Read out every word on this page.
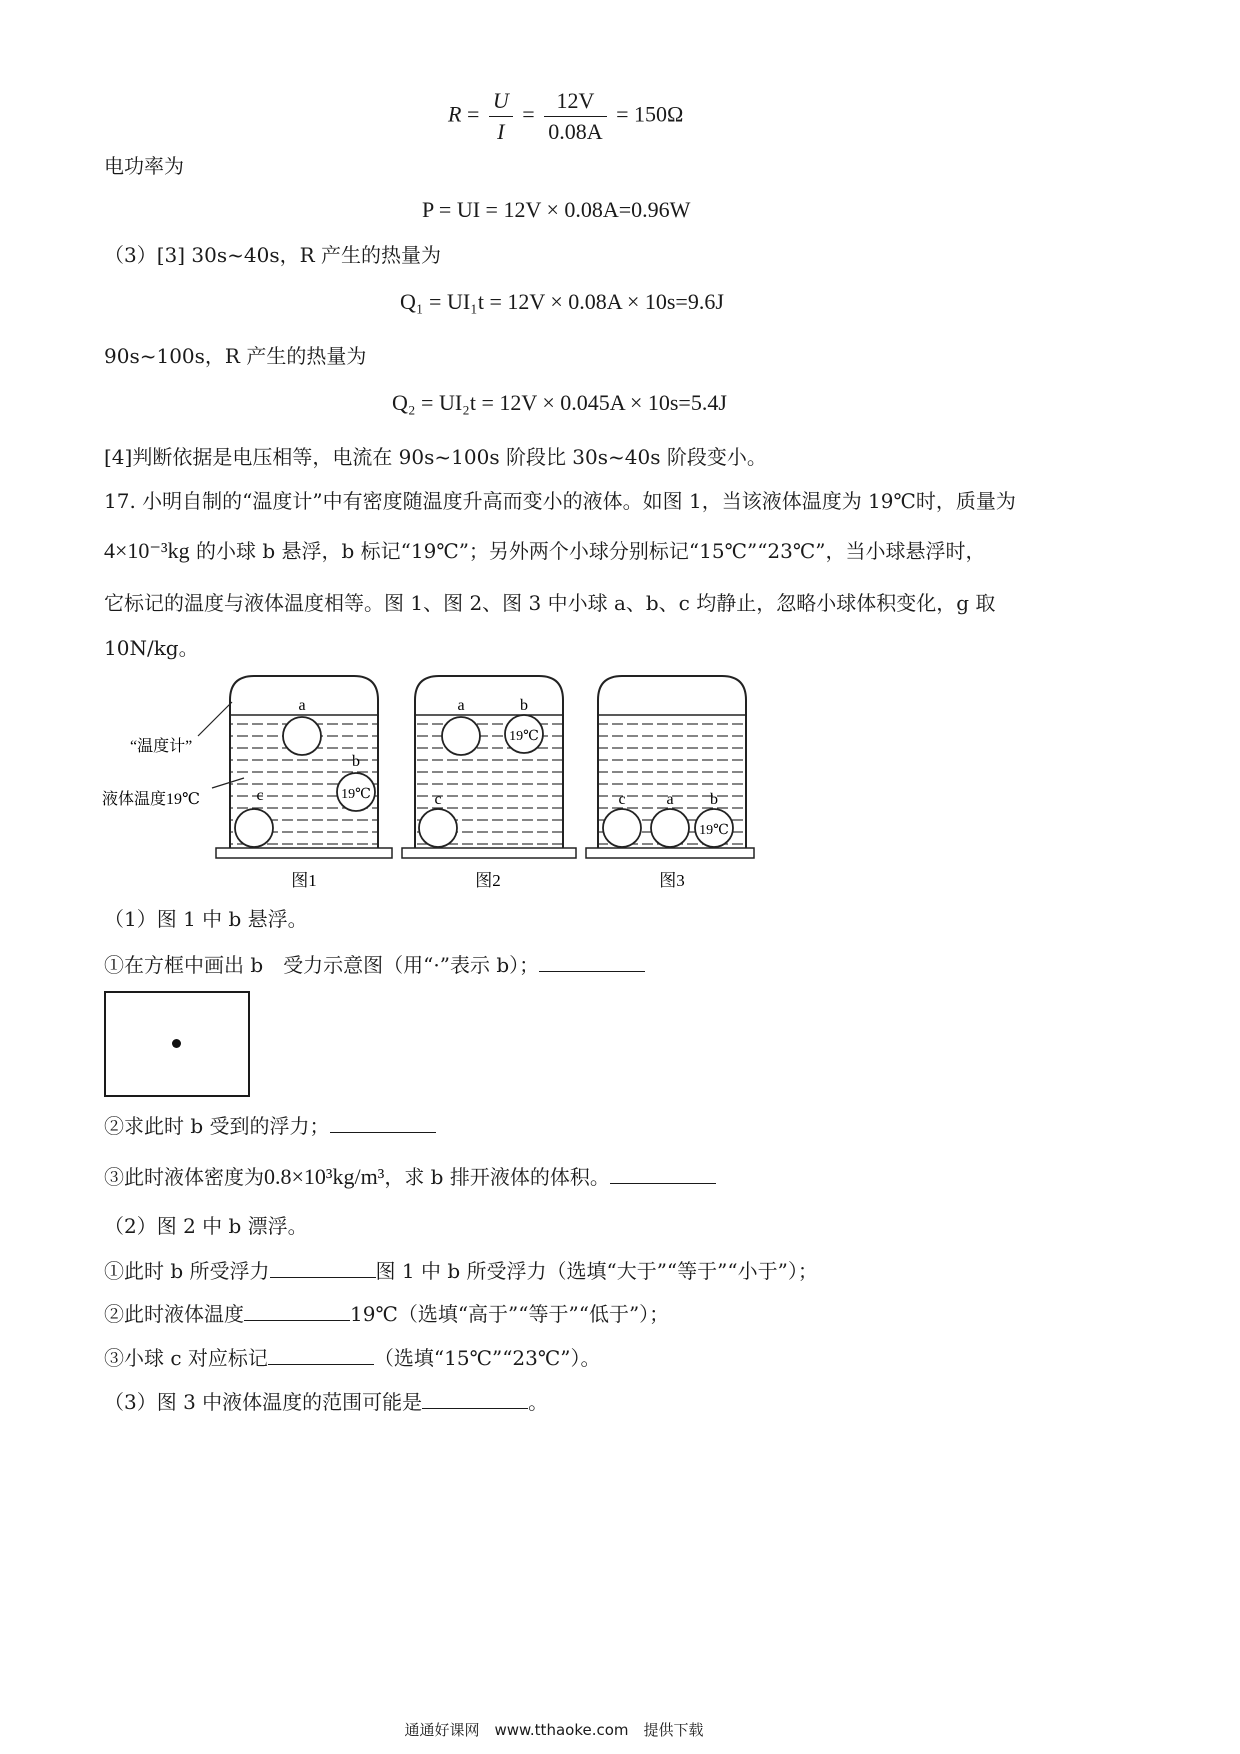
$R = \frac{U}{I} = \frac{12V}{0.08A} = 150\Omega$
电功率为
P = UI = 12V × 0.08A=0.96W
（3）[3] 30s~40s，R 产生的热量为
Q₁ = UI₁t = 12V × 0.08A × 10s=9.6J
90s~100s，R 产生的热量为
Q₂ = UI₂t = 12V × 0.045A × 10s=5.4J
[4]判断依据是电压相等，电流在 90s~100s 阶段比 30s~40s 阶段变小。
17. 小明自制的“温度计”中有密度随温度升高而变小的液体。如图 1，当该液体温度为 19℃时，质量为
4×10⁻³kg 的小球 b 悬浮，b 标记“19℃”；另外两个小球分别标记“15℃”“23℃”，当小球悬浮时，
它标记的温度与液体温度相等。图 1、图 2、图 3 中小球 a、b、c 均静止，忽略小球体积变化，g 取
10N/kg。
a
b
19℃
c
“温度计”
液体温度19℃
图1
a	b
19℃
c
图2
c	a b
19℃
图3
（1）图 1 中 b 悬浮。
①在方框中画出 b　受力示意图（用“·”表示 b）；
②求此时 b 受到的浮力；
③此时液体密度为0.8×10³kg/m³，求 b 排开液体的体积。
（2）图 2 中 b 漂浮。
①此时 b 所受浮力	图 1 中 b 所受浮力（选填“大于”“等于”“小于”）；
②此时液体温度	19℃（选填“高于”“等于”“低于”）；
③小球 c 对应标记	（选填“15℃”“23℃”）。
（3）图 3 中液体温度的范围可能是	。
通通好课网　www.tthaoke.com　提供下载
